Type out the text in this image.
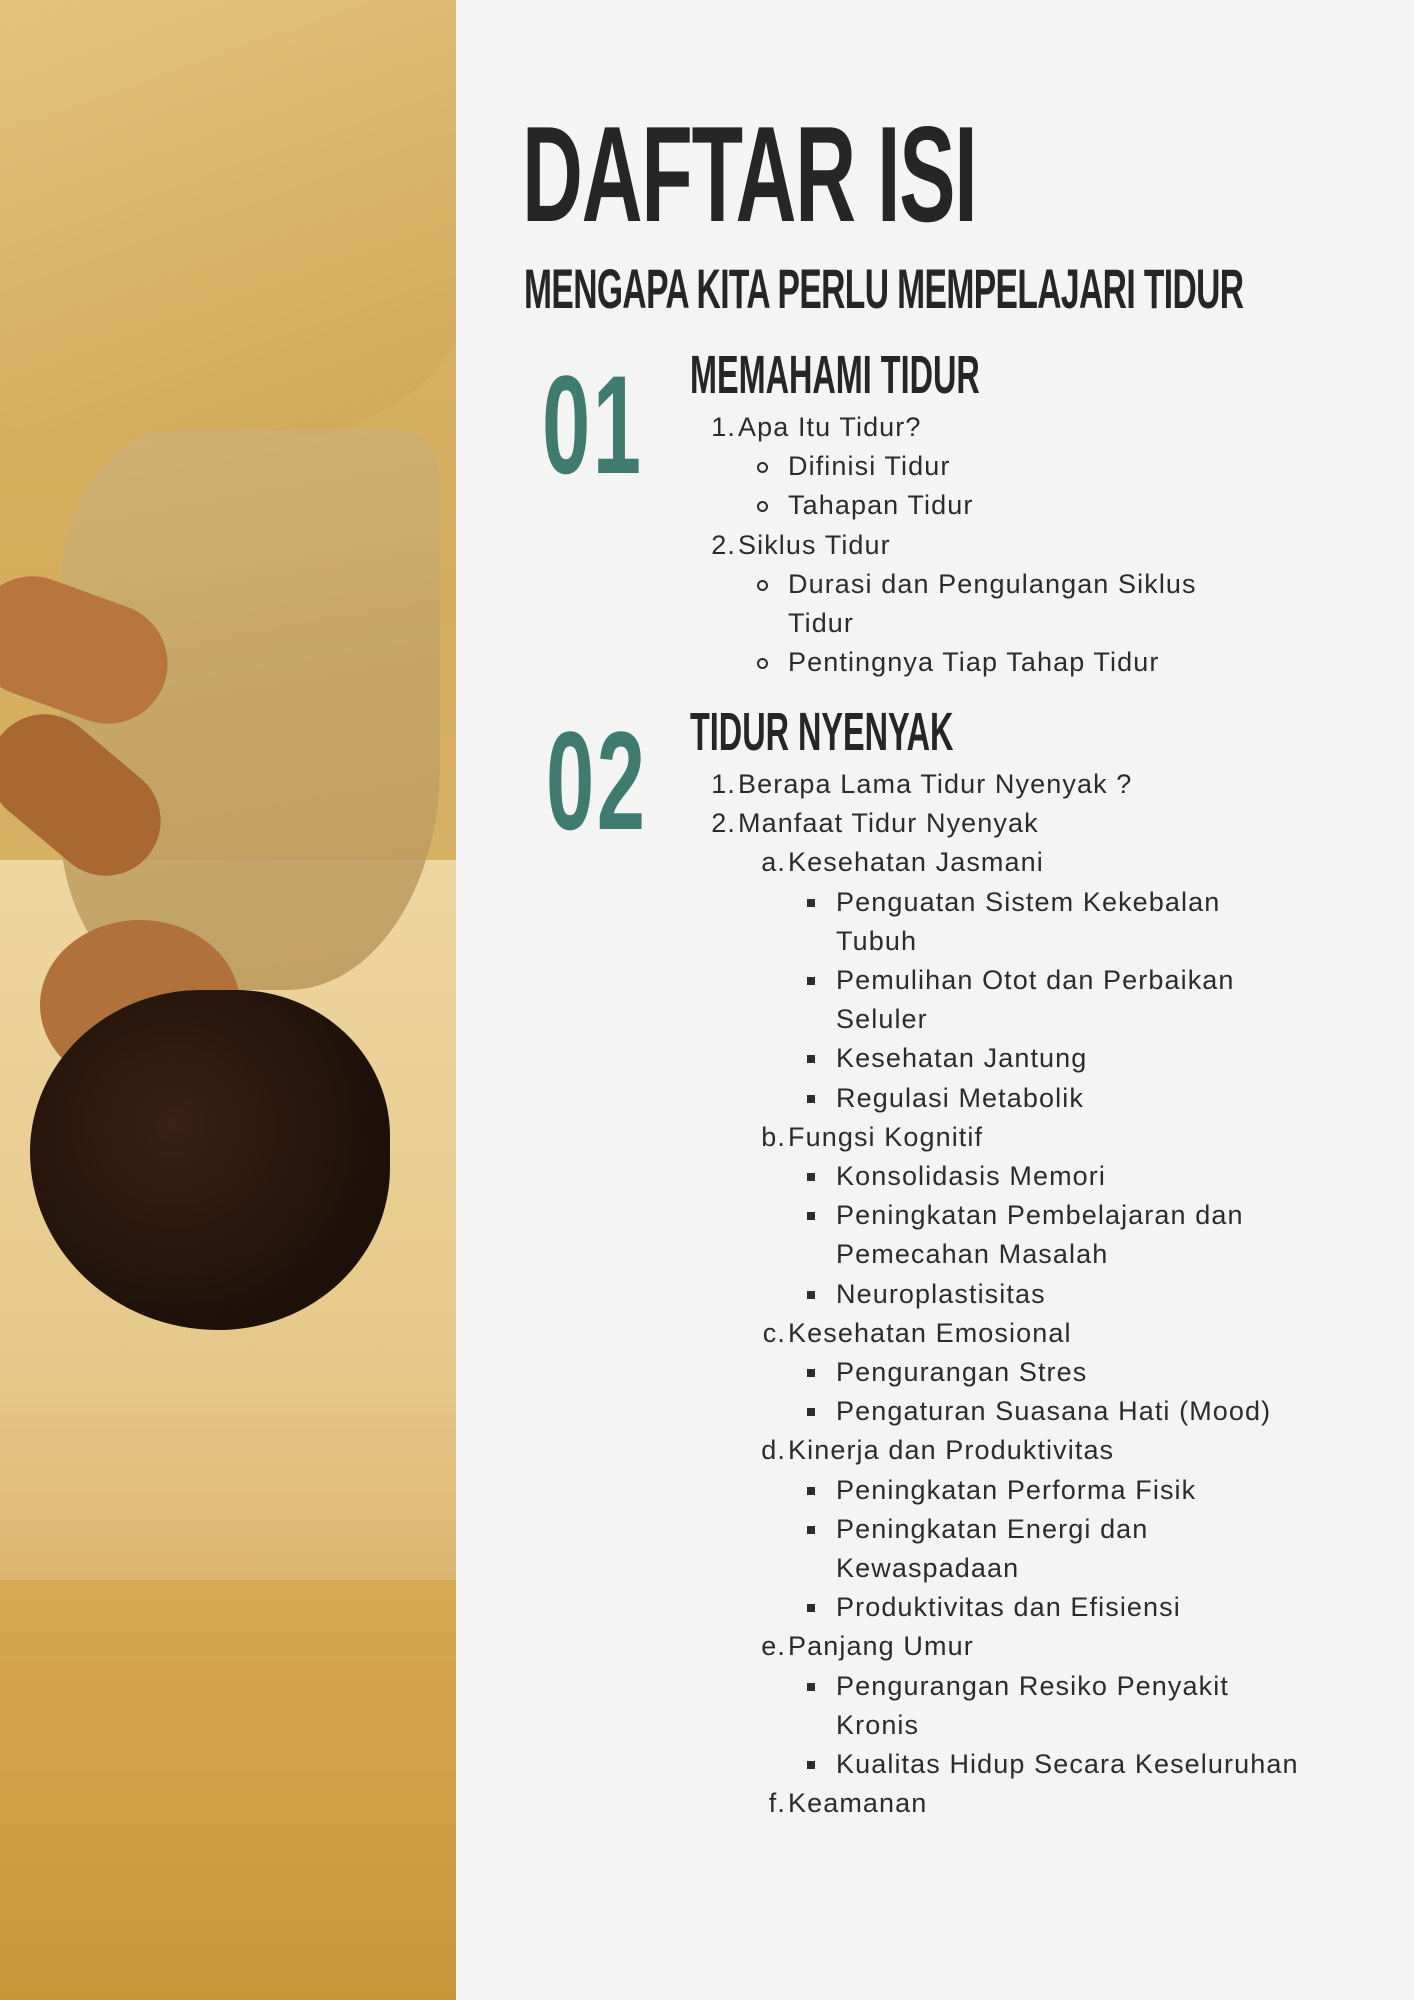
DAFTAR ISI
MENGAPA KITA PERLU MEMPELAJARI TIDUR
01 MEMAHAMI TIDUR
1. Apa Itu Tidur?
Difinisi Tidur
Tahapan Tidur
2. Siklus Tidur
Durasi dan Pengulangan Siklus Tidur
Pentingnya Tiap Tahap Tidur
02 TIDUR NYENYAK
1. Berapa Lama Tidur Nyenyak ?
2. Manfaat Tidur Nyenyak
a. Kesehatan Jasmani
Penguatan Sistem Kekebalan Tubuh
Pemulihan Otot dan Perbaikan Seluler
Kesehatan Jantung
Regulasi Metabolik
b. Fungsi Kognitif
Konsolidasis Memori
Peningkatan Pembelajaran dan Pemecahan Masalah
Neuroplastisitas
c. Kesehatan Emosional
Pengurangan Stres
Pengaturan Suasana Hati (Mood)
d. Kinerja dan Produktivitas
Peningkatan Performa Fisik
Peningkatan Energi dan Kewaspadaan
Produktivitas dan Efisiensi
e. Panjang Umur
Pengurangan Resiko Penyakit Kronis
Kualitas Hidup Secara Keseluruhan
f. Keamanan
